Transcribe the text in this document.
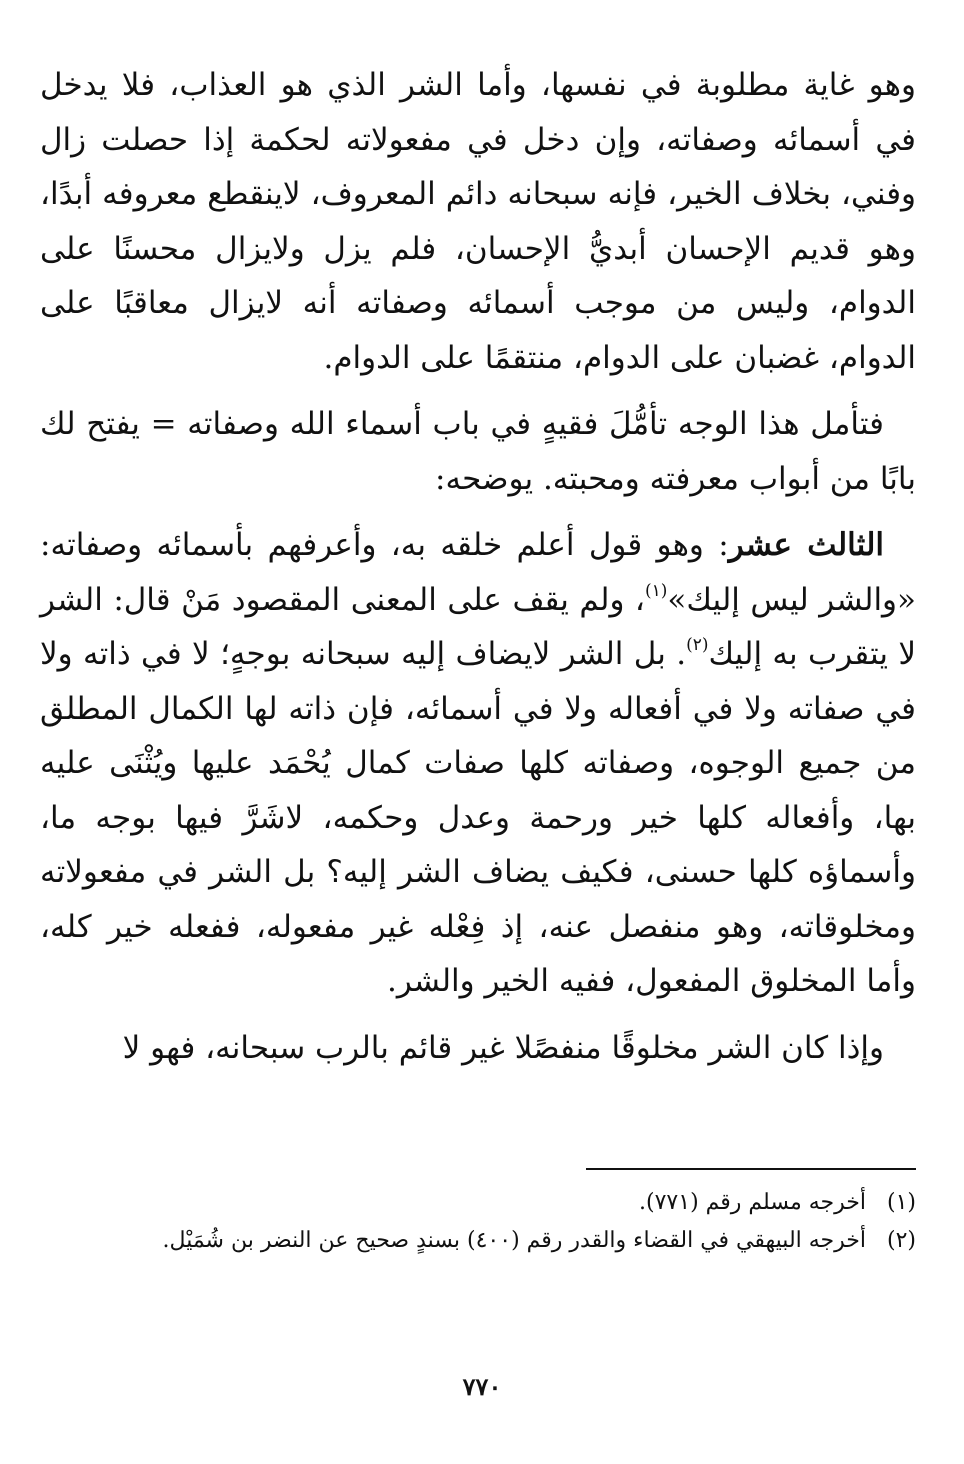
وهو غاية مطلوبة في نفسها، وأما الشر الذي هو العذاب، فلا يدخل في أسمائه وصفاته، وإن دخل في مفعولاته لحكمة إذا حصلت زال وفني، بخلاف الخير، فإنه سبحانه دائم المعروف، لاينقطع معروفه أبدًا، وهو قديم الإحسان أبديُّ الإحسان، فلم يزل ولايزال محسنًا على الدوام، وليس من موجب أسمائه وصفاته أنه لايزال معاقبًا على الدوام، غضبان على الدوام، منتقمًا على الدوام.

فتأمل هذا الوجه تأمُّلَ فقيهٍ في باب أسماء الله وصفاته = يفتح لك بابًا من أبواب معرفته ومحبته. يوضحه:

الثالث عشر: وهو قول أعلم خلقه به، وأعرفهم بأسمائه وصفاته: «والشر ليس إليك»$^{(١)}$، ولم يقف على المعنى المقصود مَنْ قال: الشر لا يتقرب به إليك$^{(٢)}$. بل الشر لايضاف إليه سبحانه بوجهٍ؛ لا في ذاته ولا في صفاته ولا في أفعاله ولا في أسمائه، فإن ذاته لها الكمال المطلق من جميع الوجوه، وصفاته كلها صفات كمال يُحْمَد عليها ويُثْنَى عليه بها، وأفعاله كلها خير ورحمة وعدل وحكمه، لاشَرَّ فيها بوجه ما، وأسماؤه كلها حسنى، فكيف يضاف الشر إليه؟ بل الشر في مفعولاته ومخلوقاته، وهو منفصل عنه، إذ فِعْله غير مفعوله، ففعله خير كله، وأما المخلوق المفعول، ففيه الخير والشر.

وإذا كان الشر مخلوقًا منفصًلا غير قائم بالرب سبحانه، فهو لا

(١)
أخرجه مسلم رقم (٧٧١).
(٢)
أخرجه البيهقي في القضاء والقدر رقم (٤٠٠) بسندٍ صحيح عن النضر بن شُمَيْل.
٧٧٠
